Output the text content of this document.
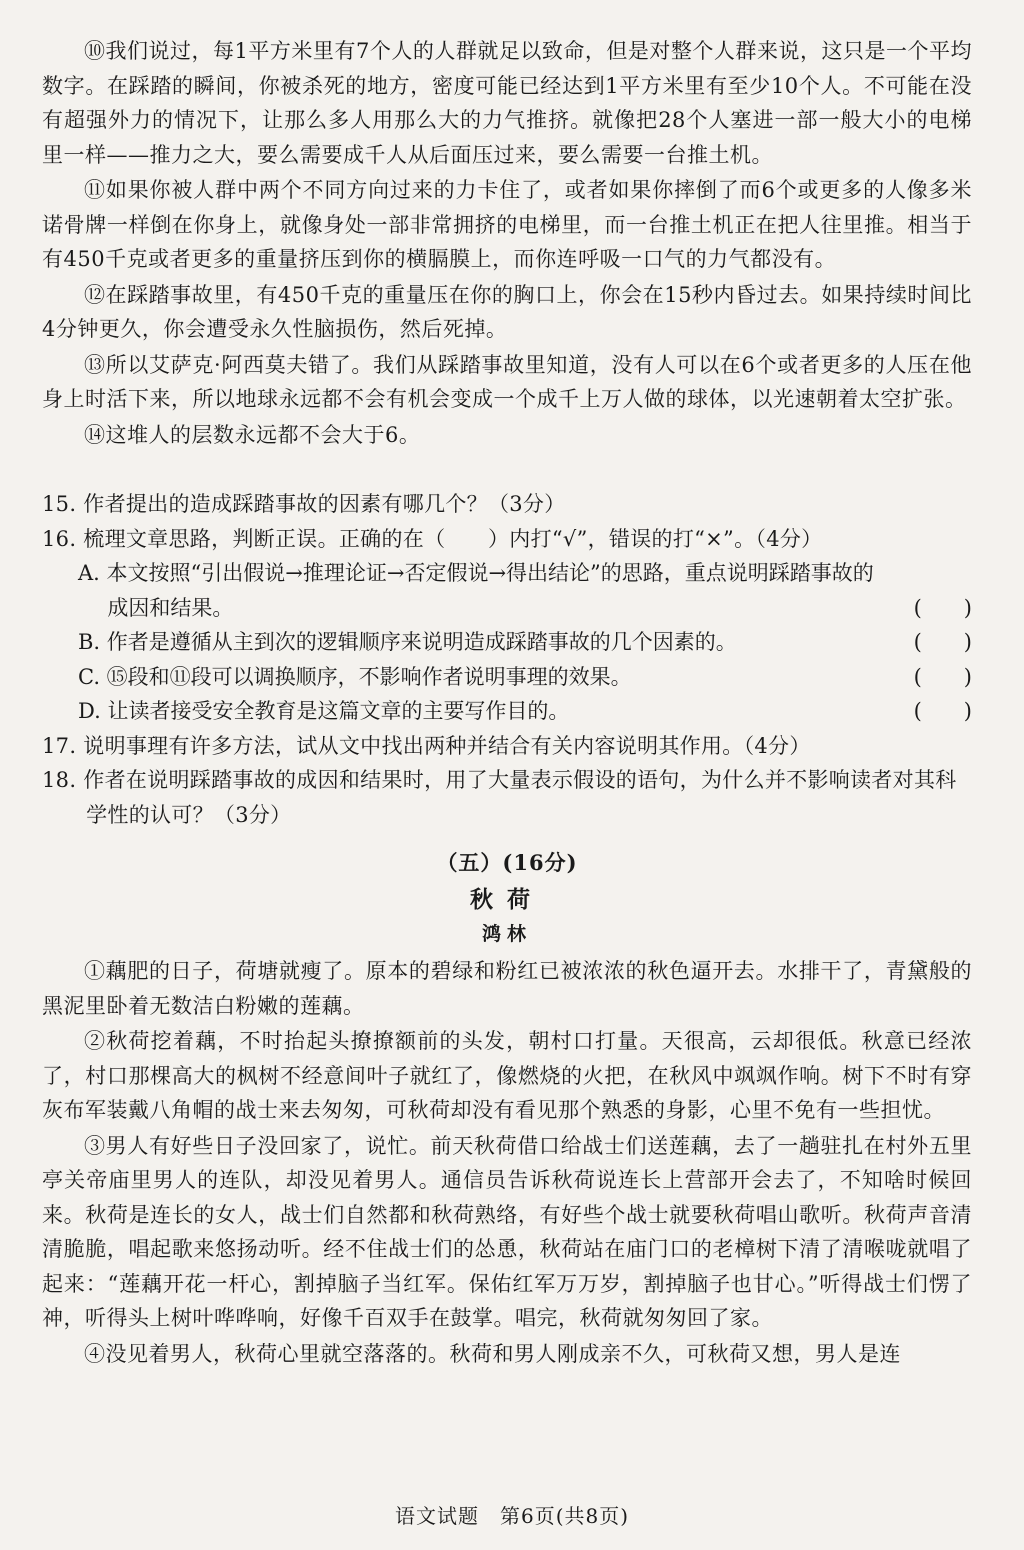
⑩我们说过，每1平方米里有7个人的人群就足以致命，但是对整个人群来说，这只是一个平均数字。在踩踏的瞬间，你被杀死的地方，密度可能已经达到1平方米里有至少10个人。不可能在没有超强外力的情况下，让那么多人用那么大的力气推挤。就像把28个人塞进一部一般大小的电梯里一样——推力之大，要么需要成千人从后面压过来，要么需要一台推土机。

⑪如果你被人群中两个不同方向过来的力卡住了，或者如果你摔倒了而6个或更多的人像多米诺骨牌一样倒在你身上，就像身处一部非常拥挤的电梯里，而一台推土机正在把人往里推。相当于有450千克或者更多的重量挤压到你的横膈膜上，而你连呼吸一口气的力气都没有。

⑫在踩踏事故里，有450千克的重量压在你的胸口上，你会在15秒内昏过去。如果持续时间比4分钟更久，你会遭受永久性脑损伤，然后死掉。

⑬所以艾萨克·阿西莫夫错了。我们从踩踏事故里知道，没有人可以在6个或者更多的人压在他身上时活下来，所以地球永远都不会有机会变成一个成千上万人做的球体，以光速朝着太空扩张。

⑭这堆人的层数永远都不会大于6。

15. 作者提出的造成踩踏事故的因素有哪几个？（3分）

16. 梳理文章思路，判断正误。正确的在（　　）内打“√”，错误的打“×”。（4分）

A. 本文按照“引出假说→推理论证→否定假说→得出结论”的思路，重点说明踩踏事故的成因和结果。	(　　)
B. 作者是遵循从主到次的逻辑顺序来说明造成踩踏事故的几个因素的。	(　　)
C. ⑮段和⑪段可以调换顺序，不影响作者说明事理的效果。	(　　)
D. 让读者接受安全教育是这篇文章的主要写作目的。	(　　)

17. 说明事理有许多方法，试从文中找出两种并结合有关内容说明其作用。（4分）

18. 作者在说明踩踏事故的成因和结果时，用了大量表示假设的语句，为什么并不影响读者对其科学性的认可？（3分）

（五）(16分)

秋荷

鸿林

①藕肥的日子，荷塘就瘦了。原本的碧绿和粉红已被浓浓的秋色逼开去。水排干了，青黛般的黑泥里卧着无数洁白粉嫩的莲藕。

②秋荷挖着藕，不时抬起头撩撩额前的头发，朝村口打量。天很高，云却很低。秋意已经浓了，村口那棵高大的枫树不经意间叶子就红了，像燃烧的火把，在秋风中飒飒作响。树下不时有穿灰布军装戴八角帽的战士来去匆匆，可秋荷却没有看见那个熟悉的身影，心里不免有一些担忧。

③男人有好些日子没回家了，说忙。前天秋荷借口给战士们送莲藕，去了一趟驻扎在村外五里亭关帝庙里男人的连队，却没见着男人。通信员告诉秋荷说连长上营部开会去了，不知啥时候回来。秋荷是连长的女人，战士们自然都和秋荷熟络，有好些个战士就要秋荷唱山歌听。秋荷声音清清脆脆，唱起歌来悠扬动听。经不住战士们的怂恿，秋荷站在庙门口的老樟树下清了清喉咙就唱了起来：“莲藕开花一杆心，割掉脑子当红军。保佑红军万万岁，割掉脑子也甘心。”听得战士们愣了神，听得头上树叶哗哗响，好像千百双手在鼓掌。唱完，秋荷就匆匆回了家。

④没见着男人，秋荷心里就空落落的。秋荷和男人刚成亲不久，可秋荷又想，男人是连

语文试题　第6页(共8页)
